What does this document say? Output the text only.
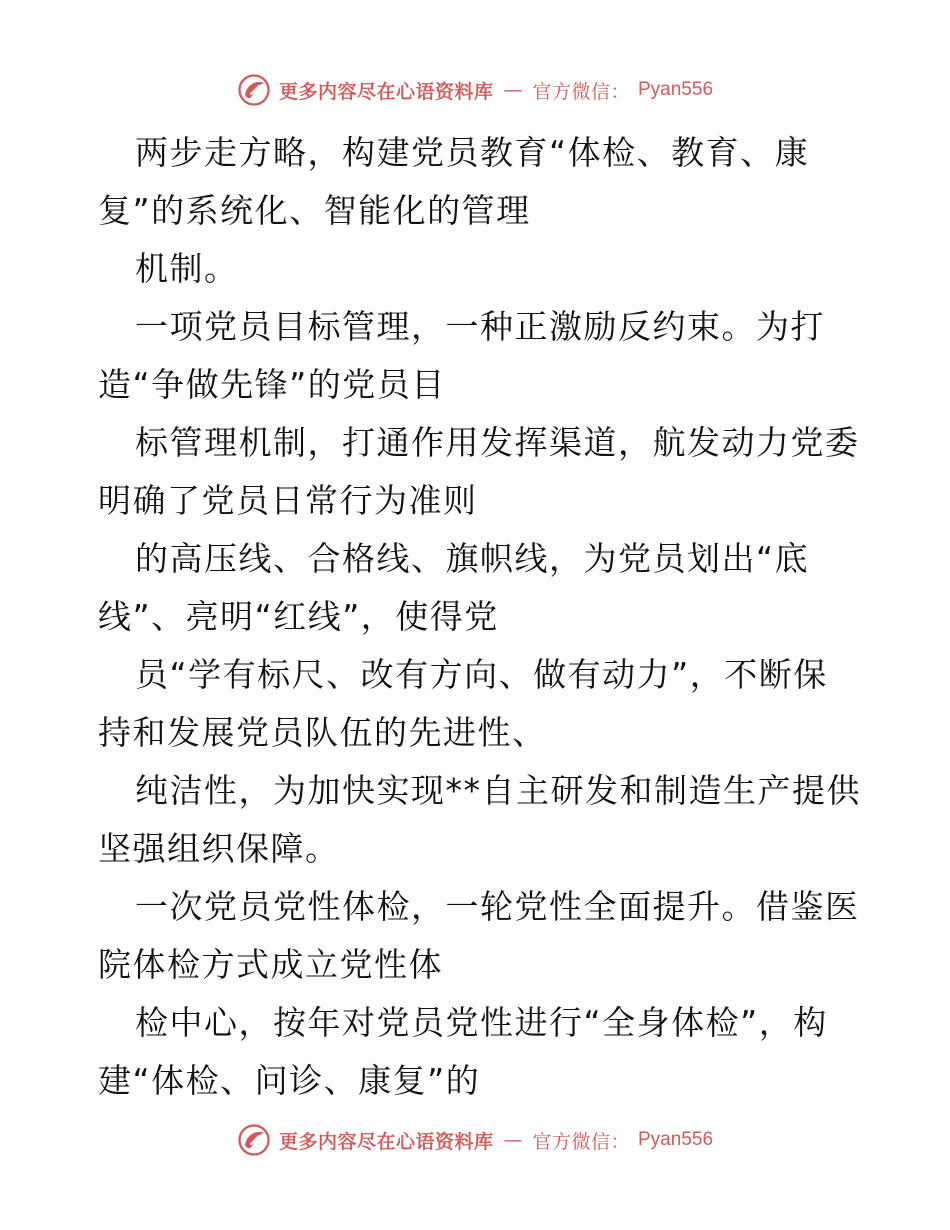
更多内容尽在心语资料库 — 官方微信： Pyan556
两步走方略，构建党员教育“体检、教育、康
复”的系统化、智能化的管理
机制。
一项党员目标管理，一种正激励反约束。为打
造“争做先锋”的党员目
标管理机制，打通作用发挥渠道，航发动力党委
明确了党员日常行为准则
的高压线、合格线、旗帜线，为党员划出“底
线”、亮明“红线”，使得党
员“学有标尺、改有方向、做有动力”，不断保
持和发展党员队伍的先进性、
纯洁性，为加快实现**自主研发和制造生产提供
坚强组织保障。
一次党员党性体检，一轮党性全面提升。借鉴医
院体检方式成立党性体
检中心，按年对党员党性进行“全身体检”，构
建“体检、问诊、康复”的
更多内容尽在心语资料库 — 官方微信： Pyan556
